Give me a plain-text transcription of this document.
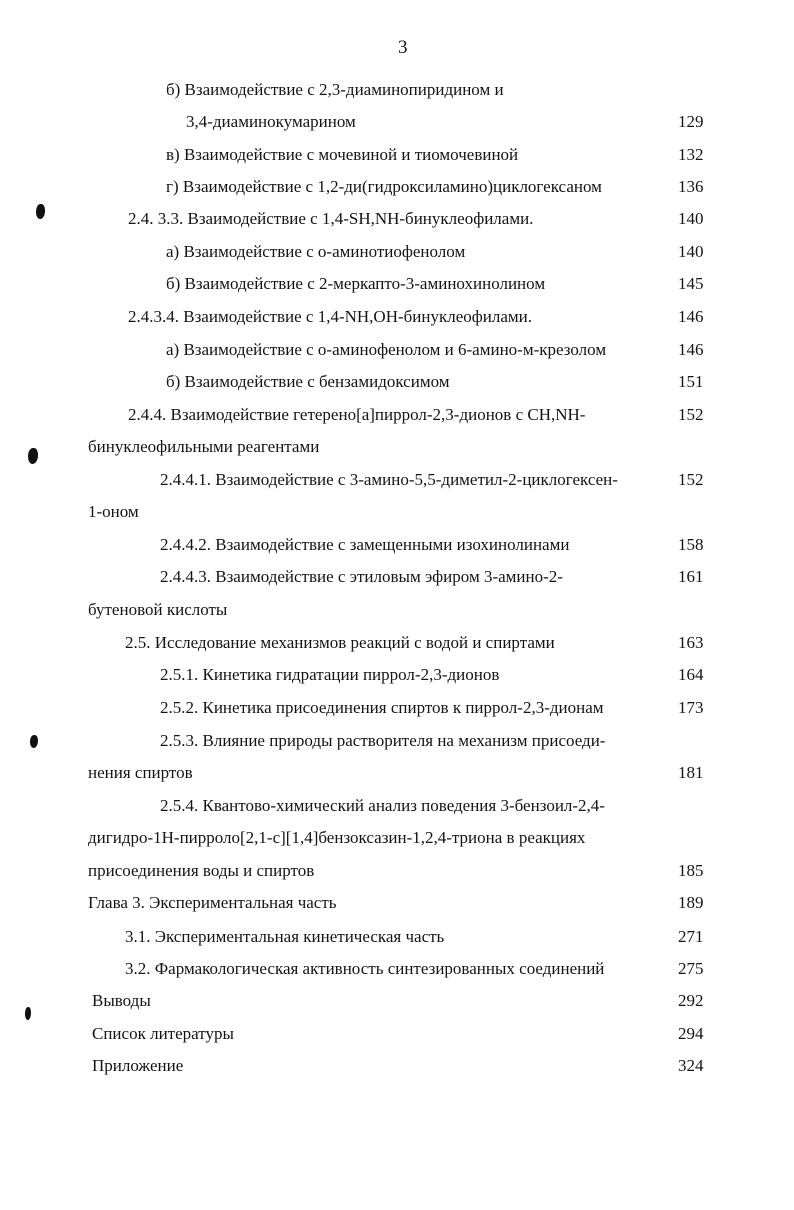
3
б) Взаимодействие с 2,3-диаминопиридином и
3,4-диаминокумарином	129
в) Взаимодействие с мочевиной и тиомочевиной	132
г) Взаимодействие с 1,2-ди(гидроксиламино)циклогексаном	136
2.4. 3.3. Взаимодействие с 1,4-SH,NH-бинуклеофилами.	140
а) Взаимодействие с о-аминотиофенолом	140
б) Взаимодействие с 2-меркапто-3-аминохинолином	145
2.4.3.4. Взаимодействие с 1,4-NH,OH-бинуклеофилами.	146
а) Взаимодействие с о-аминофенолом и 6-амино-м-крезолом	146
б) Взаимодействие с бензамидоксимом	151
2.4.4. Взаимодействие гетерено[а]пиррол-2,3-дионов с CH,NH-	152
бинуклеофильными реагентами
2.4.4.1. Взаимодействие с 3-амино-5,5-диметил-2-циклогексен-	152
1-оном
2.4.4.2. Взаимодействие с замещенными изохинолинами	158
2.4.4.3. Взаимодействие с этиловым эфиром 3-амино-2-	161
бутеновой кислоты
2.5. Исследование механизмов реакций с водой и спиртами	163
2.5.1. Кинетика гидратации пиррол-2,3-дионов	164
2.5.2. Кинетика присоединения спиртов к пиррол-2,3-дионам	173
2.5.3. Влияние природы растворителя на механизм присоеди-
нения спиртов	181
2.5.4. Квантово-химический анализ поведения 3-бензоил-2,4-
дигидро-1H-пирроло[2,1-с][1,4]бензоксазин-1,2,4-триона в реакциях
присоединения воды и спиртов	185
Глава 3. Экспериментальная часть	189
3.1. Экспериментальная кинетическая часть	271
3.2. Фармакологическая активность синтезированных соединений	275
Выводы	292
Список литературы	294
Приложение	324
